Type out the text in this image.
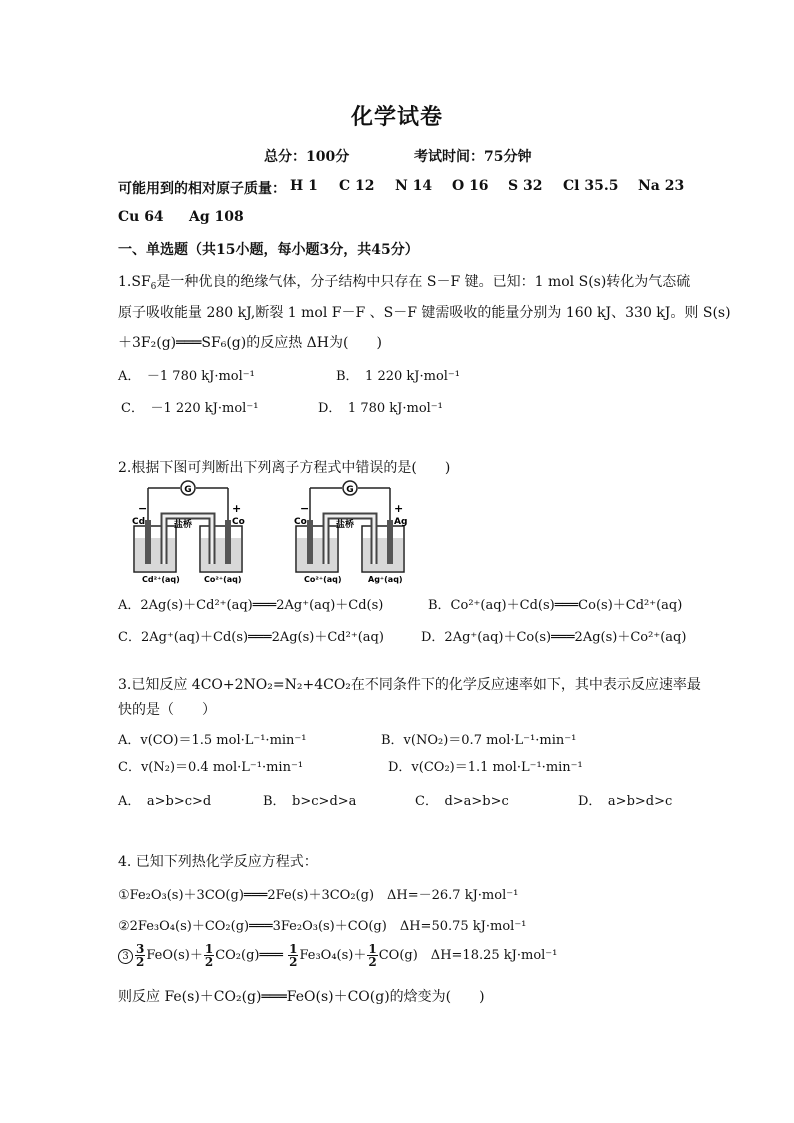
化学试卷
总分：100分	考试时间：75分钟
可能用到的相对原子质量： H 1 C 12 N 14 O 16 S 32 Cl 35.5 Na 23
Cu 64 Ag 108
一、单选题（共15小题，每小题3分，共45分）
$1.SF_6$是一种优良的绝缘气体，分子结构中只存在 S－F 键。已知：1 mol S(s)转化为气态硫
原子吸收能量 280 kJ,断裂 1 mol F－F 、S－F 键需吸收的能量分别为 160 kJ、330 kJ。则 S(s)
＋3F₂(g)═══SF₆(g)的反应热 ΔH为(　　)
A．　－1 780 kJ·mol⁻¹	B．　1 220 kJ·mol⁻¹
C．　－1 220 kJ·mol⁻¹	D．　1 780 kJ·mol⁻¹
2.根据下图可判断出下列离子方程式中错误的是(　　)
G
盐桥
−	+
Cd	Co
Cd²⁺(aq)	Co²⁺(aq)
G
盐桥
−	+
Co	Ag
Co²⁺(aq)	Ag⁺(aq)
A．2Ag(s)＋Cd²⁺(aq)═══2Ag⁺(aq)＋Cd(s)	B．Co²⁺(aq)＋Cd(s)═══Co(s)＋Cd²⁺(aq)
C．2Ag⁺(aq)＋Cd(s)═══2Ag(s)＋Cd²⁺(aq)	D．2Ag⁺(aq)＋Co(s)═══2Ag(s)＋Co²⁺(aq)
3.已知反应 4CO+2NO₂=N₂+4CO₂在不同条件下的化学反应速率如下，其中表示反应速率最
快的是（　　）
A．v(CO)＝1.5 mol·L⁻¹·min⁻¹	B．v(NO₂)＝0.7 mol·L⁻¹·min⁻¹
C．v(N₂)＝0.4 mol·L⁻¹·min⁻¹	D．v(CO₂)＝1.1 mol·L⁻¹·min⁻¹
A．　a>b>c>d	B．　b>c>d>a	C．　d>a>b>c	D．　a>b>d>c
4. 已知下列热化学反应方程式：
①Fe₂O₃(s)＋3CO(g)═══2Fe(s)＋3CO₂(g)　ΔH=－26.7 kJ·mol⁻¹
②2Fe₃O₄(s)＋CO₂(g)═══3Fe₂O₃(s)＋CO(g)　ΔH=50.75 kJ·mol⁻¹
$3 \frac{3}{2} FeO(s)+ \frac{1}{2}$ CO₂(g)═══ $\frac{1}{2} Fe_3O_4(s)+ \frac{1}{2} CO(g)$　ΔH=18.25 kJ·mol⁻¹
则反应 Fe(s)＋CO₂(g)═══FeO(s)＋CO(g)的焓变为(　　)
